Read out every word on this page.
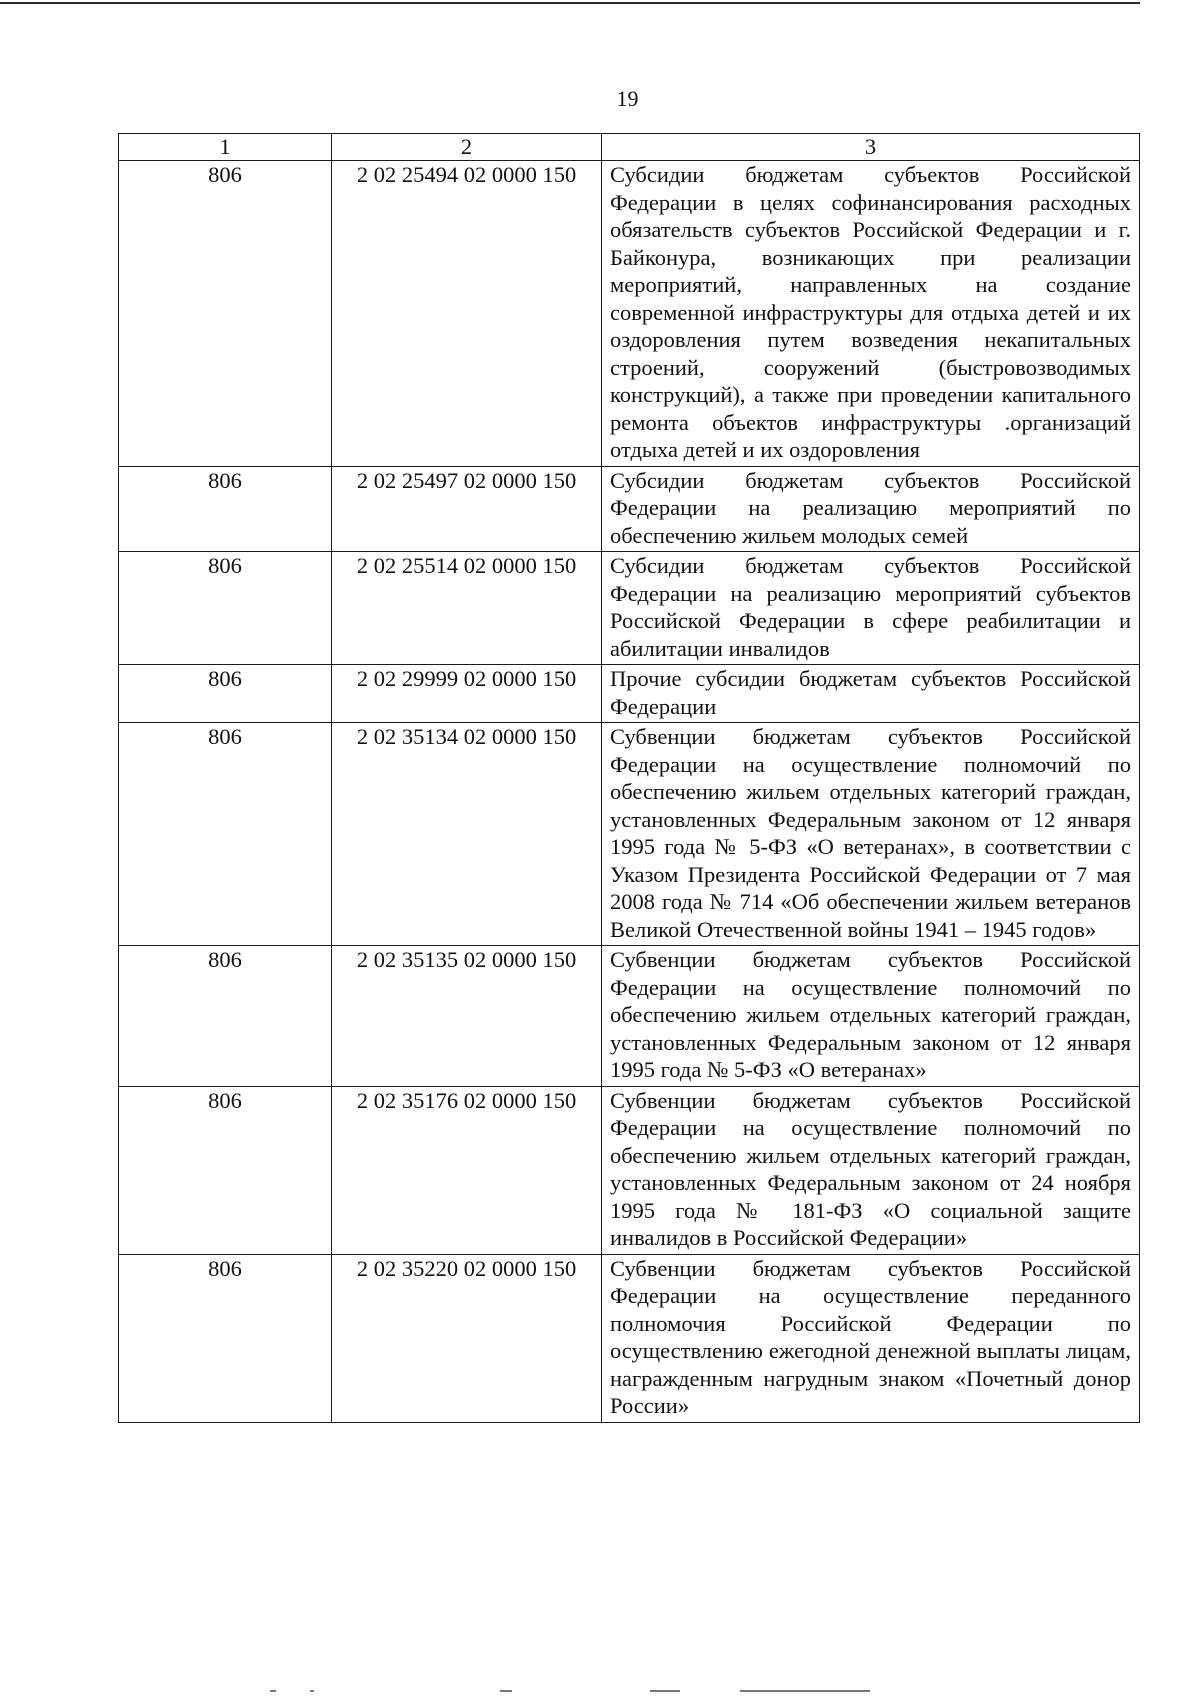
19
1	2	3
806	2 02 25494 02 0000 150	Субсидии бюджетам субъектов Российской Федерации в целях софинансирования расходных обязательств субъектов Российской Федерации и г. Байконура, возникающих при реализации мероприятий, направленных на создание современной инфраструктуры для отдыха детей и их оздоровления путем возведения некапитальных строений, сооружений (быстровозводимых конструкций), а также при проведении капитального ремонта объектов инфраструктуры .организаций отдыха детей и их оздоровления
806	2 02 25497 02 0000 150	Субсидии бюджетам субъектов Российской Федерации на реализацию мероприятий по обеспечению жильем молодых семей
806	2 02 25514 02 0000 150	Субсидии бюджетам субъектов Российской Федерации на реализацию мероприятий субъектов Российской Федерации в сфере реабилитации и абилитации инвалидов
806	2 02 29999 02 0000 150	Прочие субсидии бюджетам субъектов Российской Федерации
806	2 02 35134 02 0000 150	Субвенции бюджетам субъектов Российской Федерации на осуществление полномочий по обеспечению жильем отдельных категорий граждан, установленных Федеральным законом от 12 января 1995 года № 5-ФЗ «О ветеранах», в соответствии с Указом Президента Российской Федерации от 7 мая 2008 года № 714 «Об обеспечении жильем ветеранов Великой Отечественной войны 1941 – 1945 годов»
806	2 02 35135 02 0000 150	Субвенции бюджетам субъектов Российской Федерации на осуществление полномочий по обеспечению жильем отдельных категорий граждан, установленных Федеральным законом от 12 января 1995 года № 5-ФЗ «О ветеранах»
806	2 02 35176 02 0000 150	Субвенции бюджетам субъектов Российской Федерации на осуществление полномочий по обеспечению жильем отдельных категорий граждан, установленных Федеральным законом от 24 ноября 1995 года № 181-ФЗ «О социальной защите инвалидов в Российской Федерации»
806	2 02 35220 02 0000 150	Субвенции бюджетам субъектов Российской Федерации на осуществление переданного полномочия Российской Федерации по осуществлению ежегодной денежной выплаты лицам, награжденным нагрудным знаком «Почетный донор России»
